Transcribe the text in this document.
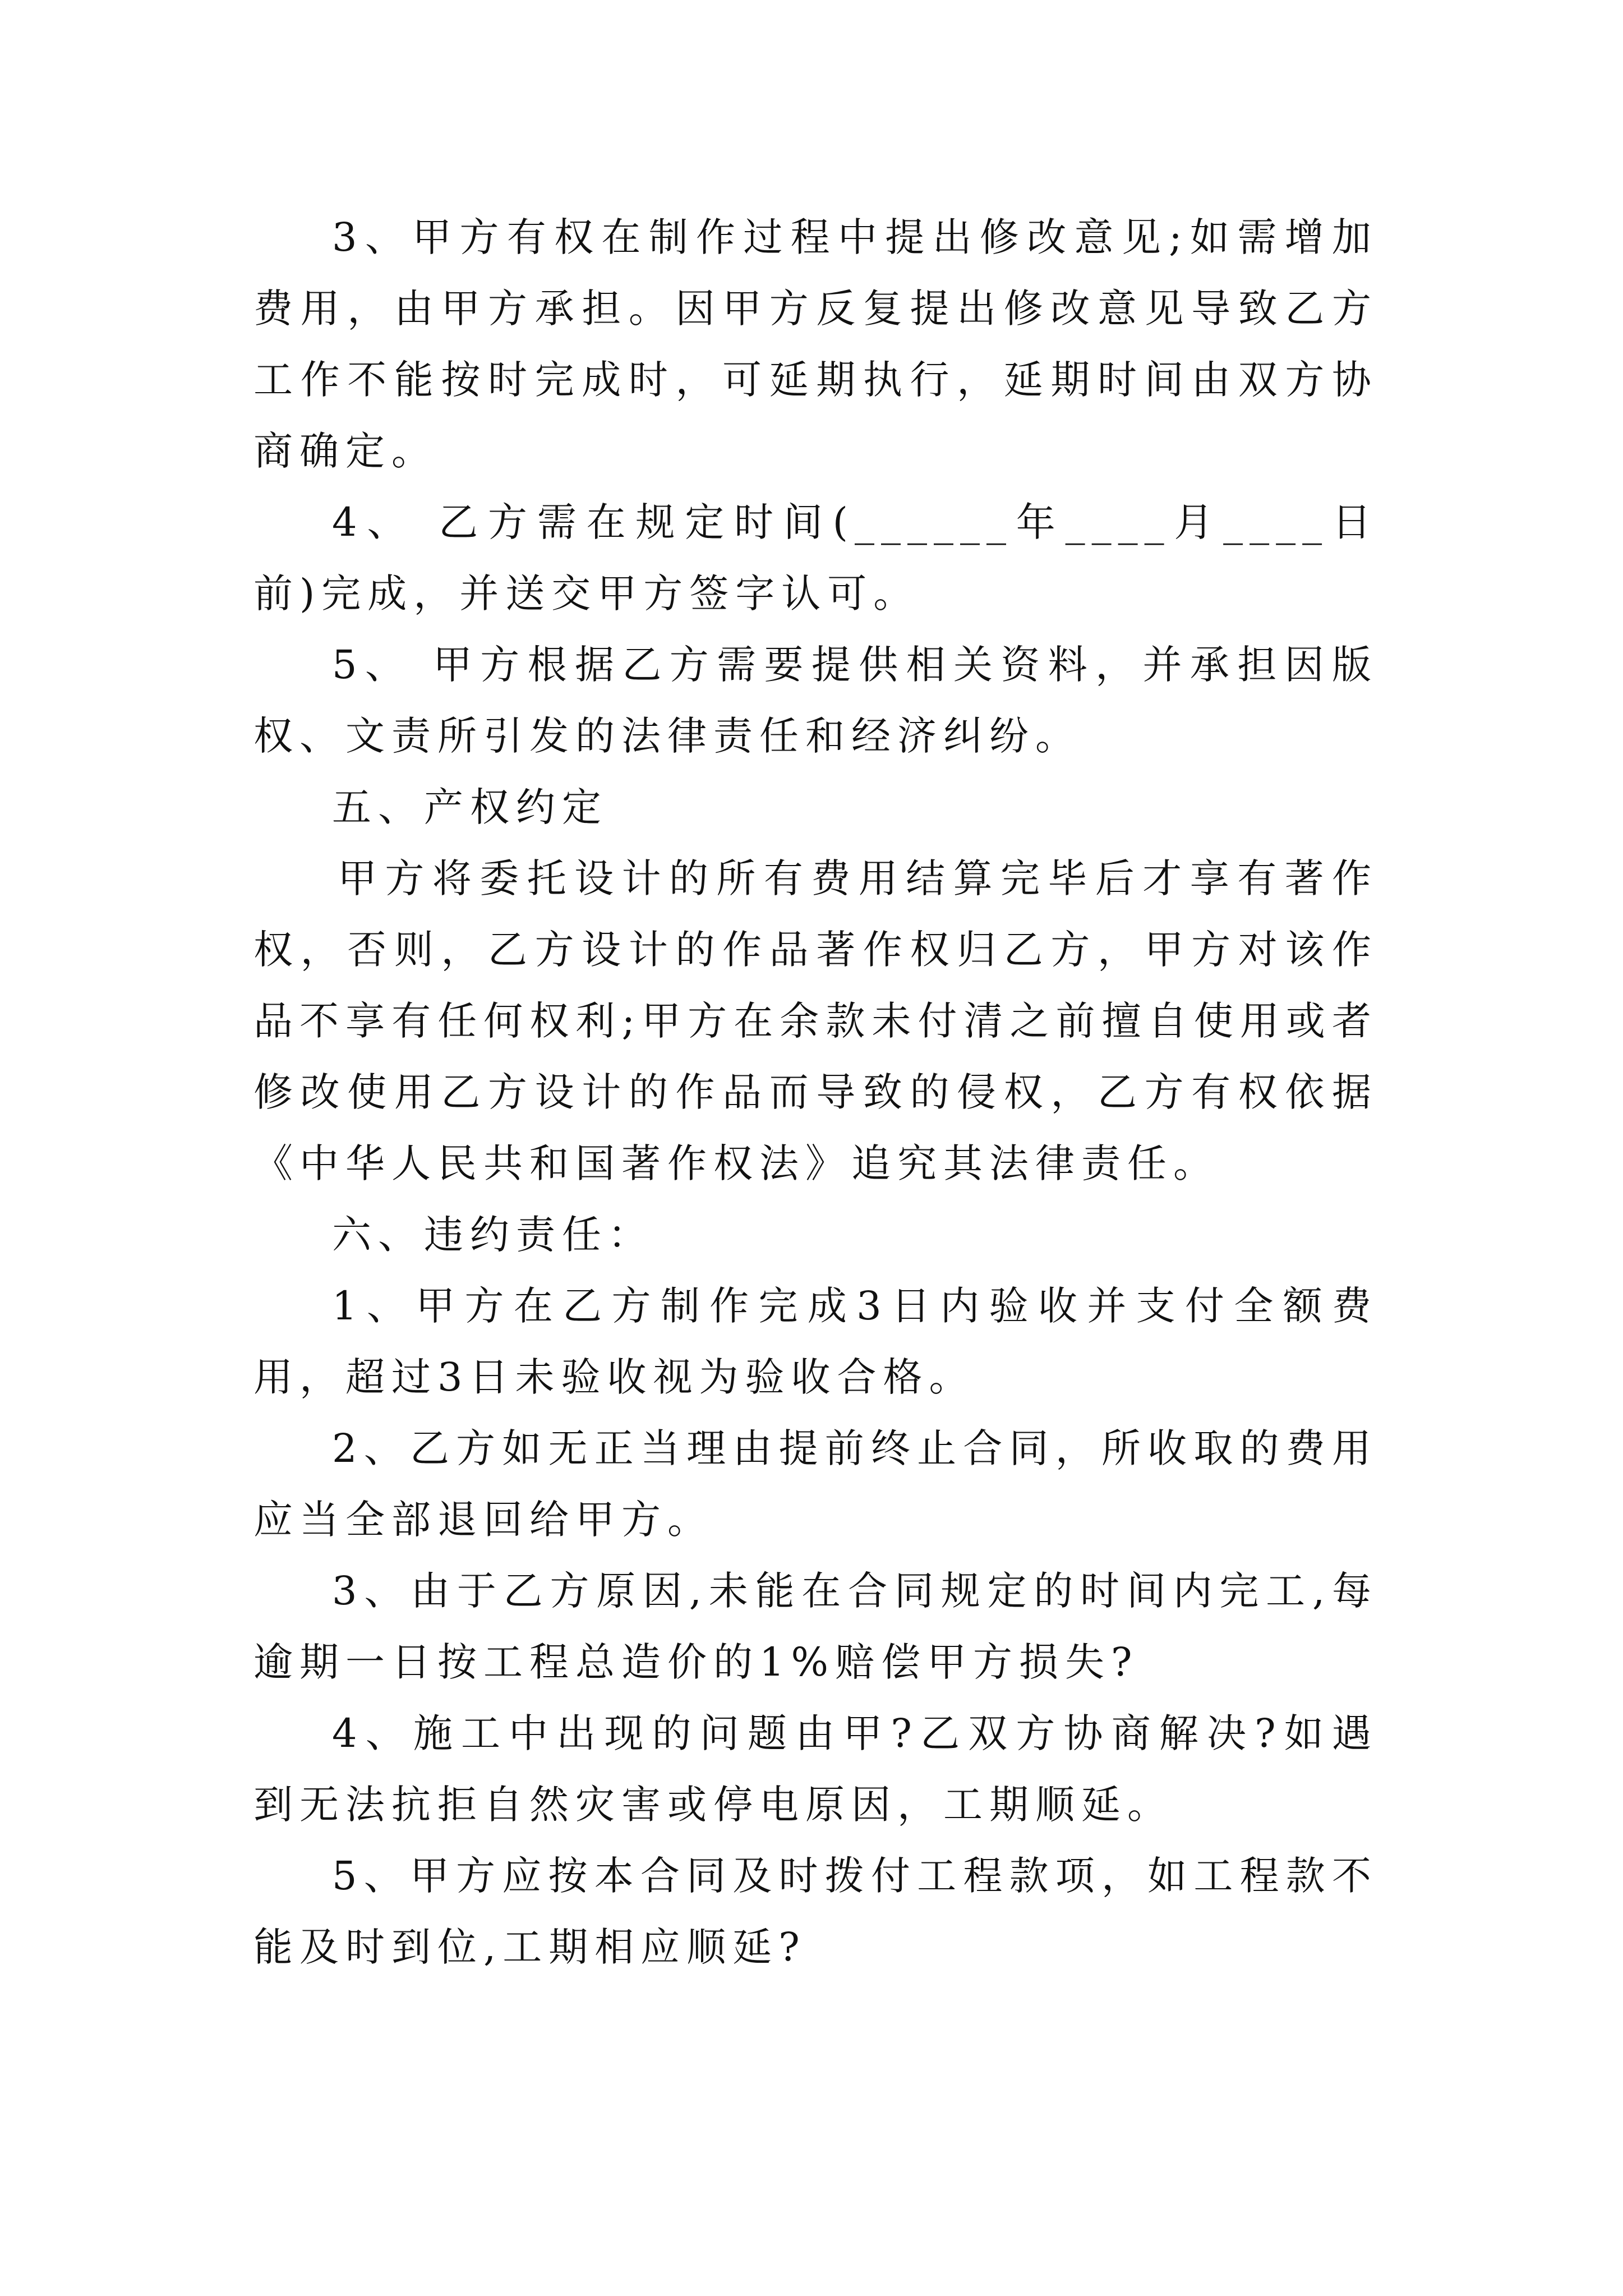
3、甲方有权在制作过程中提出修改意见;如需增加费用，由甲方承担。因甲方反复提出修改意见导致乙方工作不能按时完成时，可延期执行，延期时间由双方协商确定。

4、 乙方需在规定时间(______年____月____日前)完成，并送交甲方签字认可。

5、 甲方根据乙方需要提供相关资料，并承担因版权、文责所引发的法律责任和经济纠纷。

五、产权约定

甲方将委托设计的所有费用结算完毕后才享有著作权，否则，乙方设计的作品著作权归乙方，甲方对该作品不享有任何权利;甲方在余款未付清之前擅自使用或者修改使用乙方设计的作品而导致的侵权，乙方有权依据《中华人民共和国著作权法》追究其法律责任。

六、违约责任：

1、甲方在乙方制作完成3日内验收并支付全额费用，超过3日未验收视为验收合格。

2、乙方如无正当理由提前终止合同，所收取的费用应当全部退回给甲方。

3、由于乙方原因,未能在合同规定的时间内完工,每逾期一日按工程总造价的1%赔偿甲方损失?

4、施工中出现的问题由甲?乙双方协商解决?如遇到无法抗拒自然灾害或停电原因，工期顺延。

5、甲方应按本合同及时拨付工程款项，如工程款不能及时到位,工期相应顺延?
